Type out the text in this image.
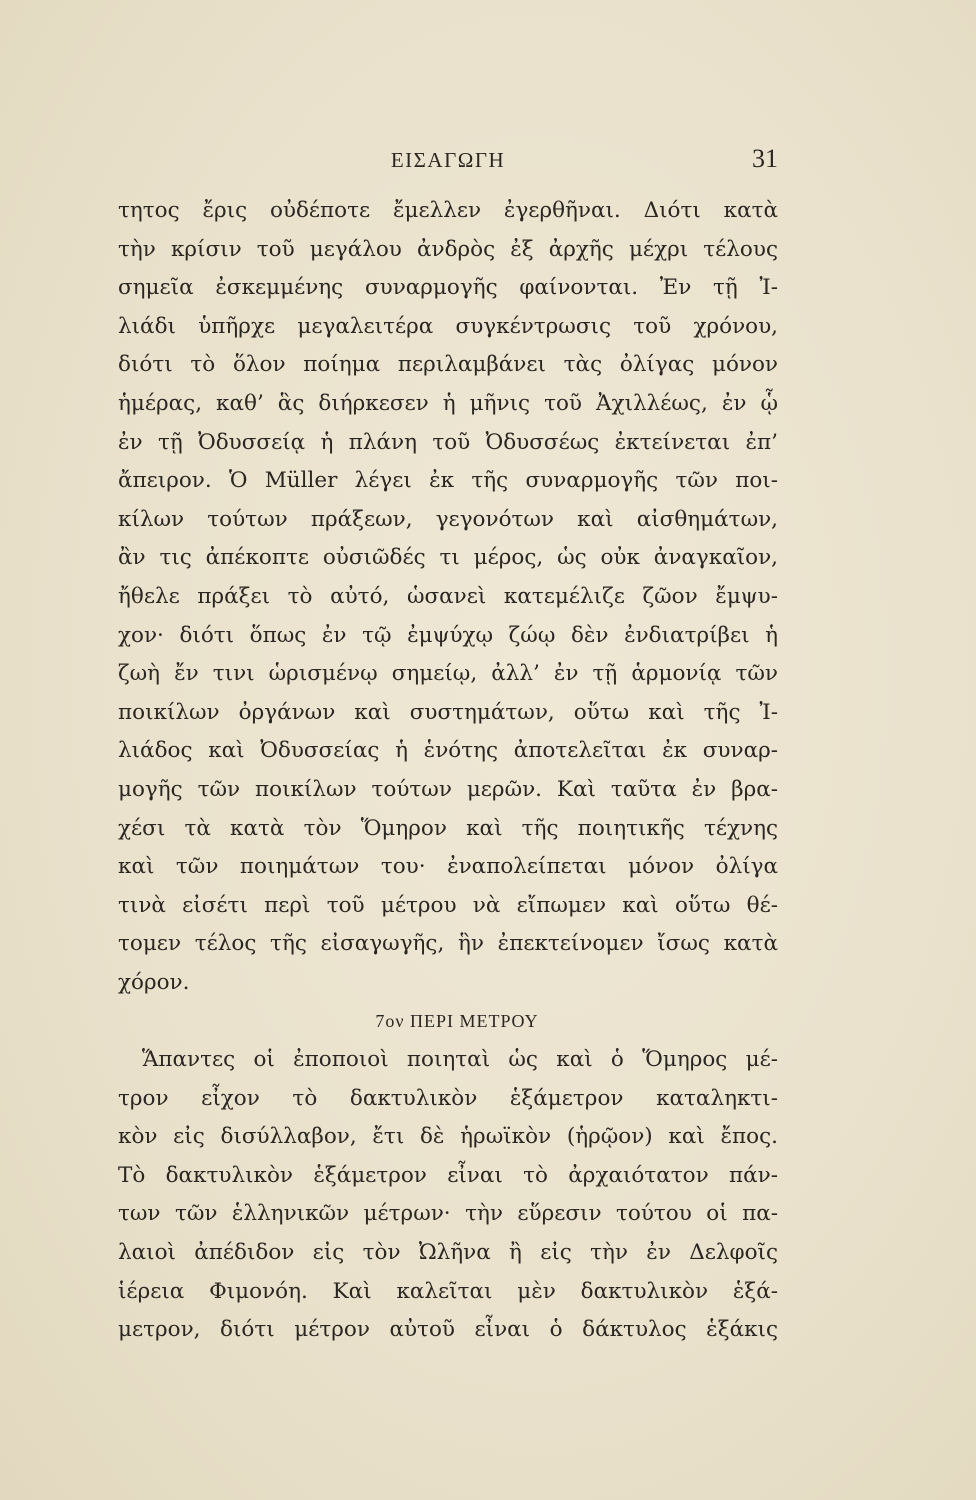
ΕΙΣΑΓΩΓΗ	31
τητος ἔρις οὐδέποτε ἔμελλεν ἐγερθῆναι. Διότι κατὰ
τὴν κρίσιν τοῦ μεγάλου ἀνδρὸς ἐξ ἀρχῆς μέχρι τέλους
σημεῖα ἐσκεμμένης συναρμογῆς φαίνονται. Ἐν τῇ Ἰ-
λιάδι ὑπῆρχε μεγαλειτέρα συγκέντρωσις τοῦ χρόνου,
διότι τὸ ὅλον ποίημα περιλαμβάνει τὰς ὀλίγας μόνον
ἡμέρας, καθ’ ἃς διήρκεσεν ἡ μῆνις τοῦ Ἀχιλλέως, ἐν ᾧ
ἐν τῇ Ὀδυσσείᾳ ἡ πλάνη τοῦ Ὀδυσσέως ἐκτείνεται ἐπ’
ἄπειρον. Ὁ Müller λέγει ἐκ τῆς συναρμογῆς τῶν ποι-
κίλων τούτων πράξεων, γεγονότων καὶ αἰσθημάτων,
ἂν τις ἀπέκοπτε οὐσιῶδές τι μέρος, ὡς οὐκ ἀναγκαῖον,
ἤθελε πράξει τὸ αὐτό, ὡσανεὶ κατεμέλιζε ζῶον ἔμψυ-
χον· διότι ὅπως ἐν τῷ ἐμψύχῳ ζώῳ δὲν ἐνδιατρίβει ἡ
ζωὴ ἔν τινι ὡρισμένῳ σημείῳ, ἀλλ’ ἐν τῇ ἁρμονίᾳ τῶν
ποικίλων ὀργάνων καὶ συστημάτων, οὕτω καὶ τῆς Ἰ-
λιάδος καὶ Ὀδυσσείας ἡ ἑνότης ἀποτελεῖται ἐκ συναρ-
μογῆς τῶν ποικίλων τούτων μερῶν. Καὶ ταῦτα ἐν βρα-
χέσι τὰ κατὰ τὸν Ὅμηρον καὶ τῆς ποιητικῆς τέχνης
καὶ τῶν ποιημάτων του· ἐναπολείπεται μόνον ὀλίγα
τινὰ εἰσέτι περὶ τοῦ μέτρου νὰ εἴπωμεν καὶ οὕτω θέ-
τομεν τέλος τῆς εἰσαγωγῆς, ἣν ἐπεκτείνομεν ἴσως κατὰ
χόρον.
7ον ΠΕΡΙ ΜΕΤΡΟΥ
Ἅπαντες οἱ ἐποποιοὶ ποιηταὶ ὡς καὶ ὁ Ὅμηρος μέ-
τρον εἶχον τὸ δακτυλικὸν ἑξάμετρον καταληκτι-
κὸν εἰς δισύλλαβον, ἔτι δὲ ἡρωϊκὸν (ἡρῷον) καὶ ἔπος.
Τὸ δακτυλικὸν ἑξάμετρον εἶναι τὸ ἀρχαιότατον πάν-
των τῶν ἑλληνικῶν μέτρων· τὴν εὕρεσιν τούτου οἱ πα-
λαιοὶ ἀπέδιδον εἰς τὸν Ὠλῆνα ἢ εἰς τὴν ἐν Δελφοῖς
ἱέρεια Φιμονόη. Καὶ καλεῖται μὲν δακτυλικὸν ἑξά-
μετρον, διότι μέτρον αὐτοῦ εἶναι ὁ δάκτυλος ἑξάκις
